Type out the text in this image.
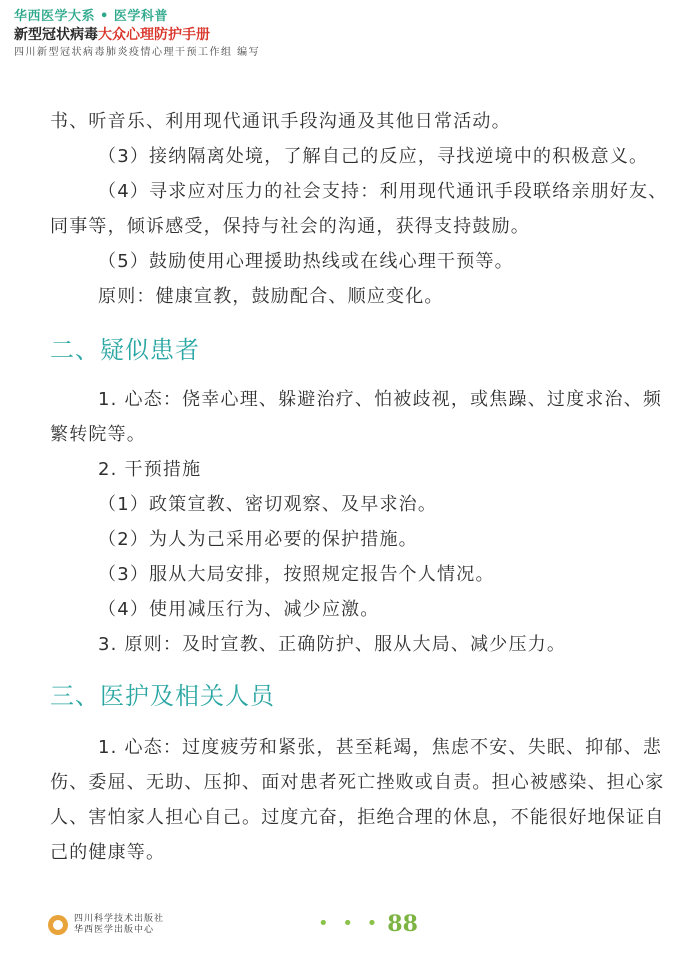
华西医学大系 • 医学科普
新型冠状病毒大众心理防护手册
四川新型冠状病毒肺炎疫情心理干预工作组 编写

书、听音乐、利用现代通讯手段沟通及其他日常活动。

（3）接纳隔离处境，了解自己的反应，寻找逆境中的积极意义。

（4）寻求应对压力的社会支持：利用现代通讯手段联络亲朋好友、同事等，倾诉感受，保持与社会的沟通，获得支持鼓励。

（5）鼓励使用心理援助热线或在线心理干预等。

原则：健康宣教，鼓励配合、顺应变化。

二、疑似患者

1. 心态：侥幸心理、躲避治疗、怕被歧视，或焦躁、过度求治、频繁转院等。

2. 干预措施

（1）政策宣教、密切观察、及早求治。

（2）为人为己采用必要的保护措施。

（3）服从大局安排，按照规定报告个人情况。

（4）使用减压行为、减少应激。

3. 原则：及时宣教、正确防护、服从大局、减少压力。

三、医护及相关人员

1. 心态：过度疲劳和紧张，甚至耗竭，焦虑不安、失眠、抑郁、悲伤、委屈、无助、压抑、面对患者死亡挫败或自责。担心被感染、担心家人、害怕家人担心自己。过度亢奋，拒绝合理的休息，不能很好地保证自己的健康等。

四川科学技术出版社
华西医学出版中心	• • • 88
